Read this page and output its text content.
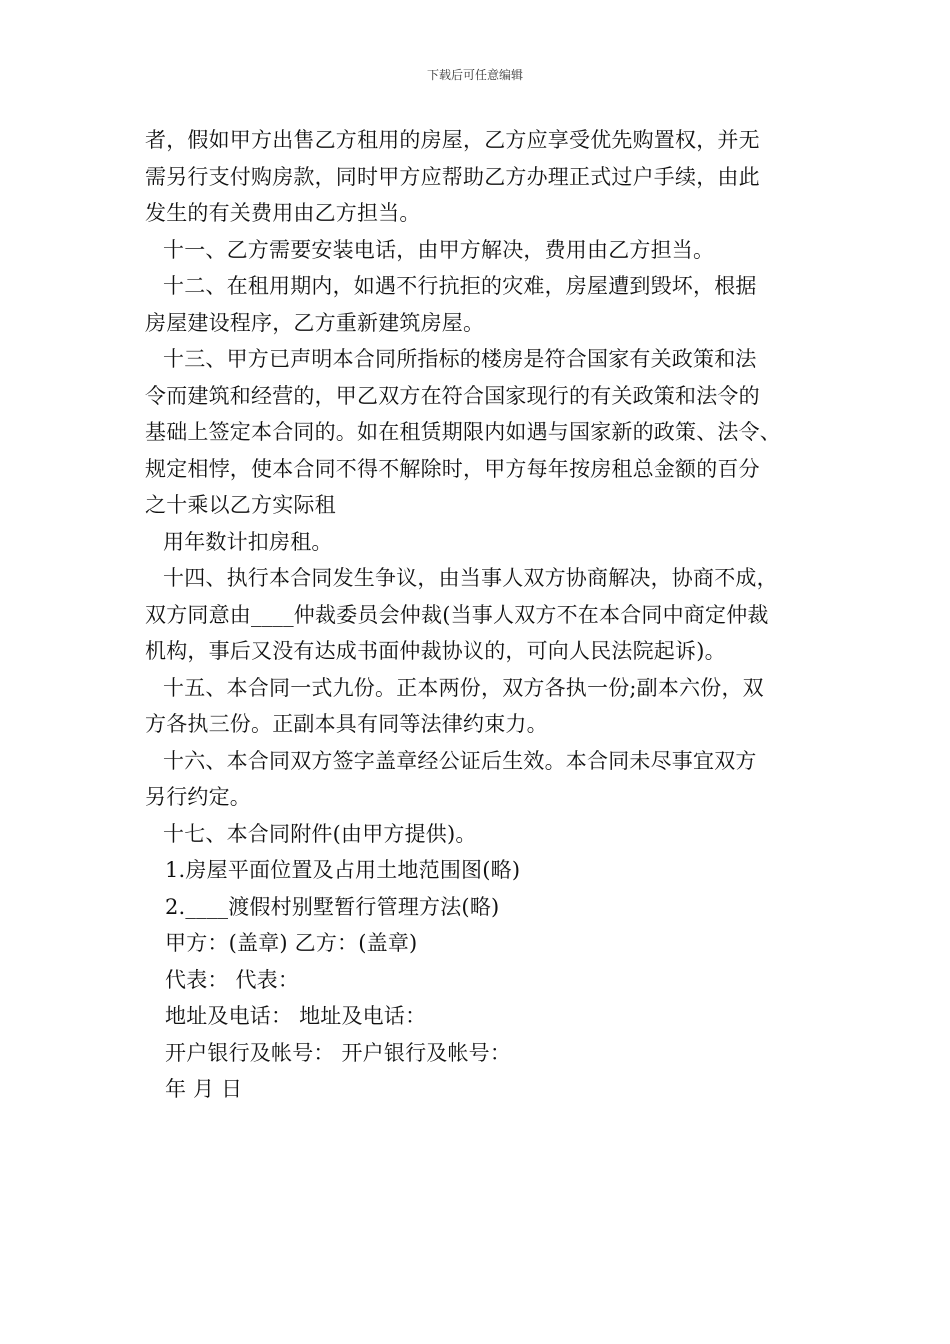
下载后可任意编辑
者，假如甲方出售乙方租用的房屋，乙方应享受优先购置权，并无
需另行支付购房款，同时甲方应帮助乙方办理正式过户手续，由此
发生的有关费用由乙方担当。
十一、乙方需要安装电话，由甲方解决，费用由乙方担当。
十二、在租用期内，如遇不行抗拒的灾难，房屋遭到毁坏，根据
房屋建设程序，乙方重新建筑房屋。
十三、甲方已声明本合同所指标的楼房是符合国家有关政策和法
令而建筑和经营的，甲乙双方在符合国家现行的有关政策和法令的
基础上签定本合同的。如在租赁期限内如遇与国家新的政策、法令、
规定相悖，使本合同不得不解除时，甲方每年按房租总金额的百分
之十乘以乙方实际租
用年数计扣房租。
十四、执行本合同发生争议，由当事人双方协商解决，协商不成，
双方同意由____仲裁委员会仲裁(当事人双方不在本合同中商定仲裁
机构，事后又没有达成书面仲裁协议的，可向人民法院起诉)。
十五、本合同一式九份。正本两份，双方各执一份;副本六份，双
方各执三份。正副本具有同等法律约束力。
十六、本合同双方签字盖章经公证后生效。本合同未尽事宜双方
另行约定。
十七、本合同附件(由甲方提供)。
1.房屋平面位置及占用土地范围图(略)
2.____渡假村别墅暂行管理方法(略)
甲方：(盖章) 乙方：(盖章)
代表： 代表：
地址及电话： 地址及电话：
开户银行及帐号： 开户银行及帐号：
年 月 日
